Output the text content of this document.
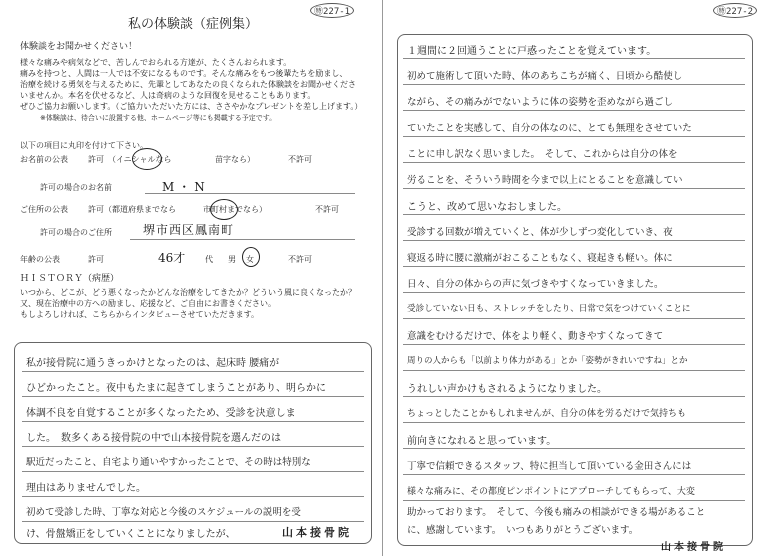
㊕227-1
私の体験談（症例集）
体験談をお聞かせください！
様々な痛みや病気などで、苦しんでおられる方達が、たくさんおられます。
痛みを持つと、人間は一人では不安になるものです。そんな痛みをもつ後輩たちを励まし、
治療を続ける勇気を与えるために、先輩としてあなたの良くなられた体験談をお聞かせくださ
いませんか。本名を伏せるなど、人は奇病のような回復を見せることもあります。
ぜひご協力お願いします。（ご協力いただいた方には、ささやかなプレゼントを差し上げます。）
※体験談は、待合いに設置する他、ホームページ等にも掲載する予定です。
以下の項目に丸印を付けて下さい。
お名前の公表	許可 （イニシャルなら	苗字なら）	不許可
許可の場合のお名前	M・N
ご住所の公表	許可（都道府県までなら	市町村までなら）	不許可
許可の場合のご住所	堺市西区鳳南町
年齢の公表	許可	46才 代 男 女	不許可
ＨＩＳＴＯＲＹ（病歴）
いつから、どこが、どう悪くなったかどんな治療をしてきたか？どういう風に良くなったか？
又、現在治療中の方への励まし、応援など、ご自由にお書きください。
もしよろしければ、こちらからインタビューさせていただきます。
私が接骨院に通うきっかけとなったのは、起床時 腰痛が
ひどかったこと。夜中もたまに起きてしまうことがあり、明らかに
体調不良を自覚することが多くなったため、受診を決意しま
した。　数多くある接骨院の中で山本接骨院を選んだのは
駅近だったこと、自宅より通いやすかったことで、その時は特別な
理由はありませんでした。
初めて受診した時、丁寧な対応と今後のスケジュールの説明を受
け、骨盤矯正をしていくことになりましたが、	山本接骨院
㊕227-2
１週間に２回通うことに戸惑ったことを覚えています。
初めて施術して頂いた時、体のあちこちが痛く、日頃から酷使し
ながら、その痛みがでないように体の姿勢を歪めながら過ごし
ていたことを実感して、自分の体なのに、とても無理をさせていた
ことに申し訳なく思いました。　そして、これからは自分の体を
労ることを、そういう時間を今まで以上にとることを意識してい
こうと、改めて思いなおしました。
受診する回数が増えていくと、体が少しずつ変化していき、夜
寝返る時に腰に激痛がおこることもなく、寝起きも軽い。体に
日々、自分の体からの声に気づきやすくなっていきました。
受診していない日も、ストレッチをしたり、日常で気をつけていくことに
意識をむけるだけで、体をより軽く、動きやすくなってきて
周りの人からも「以前より体力がある」とか「姿勢がきれいですね」とか
うれしい声かけもされるようになりました。
ちょっとしたことかもしれませんが、自分の体を労るだけで気持ちも
前向きになれると思っています。
丁寧で信頼できるスタッフ、特に担当して頂いている金田さんには
様々な痛みに、その都度ピンポイントにアプローチしてもらって、大変
助かっております。　そして、今後も痛みの相談ができる場があること
に、感謝しています。　いつもありがとうございます。
山本接骨院
